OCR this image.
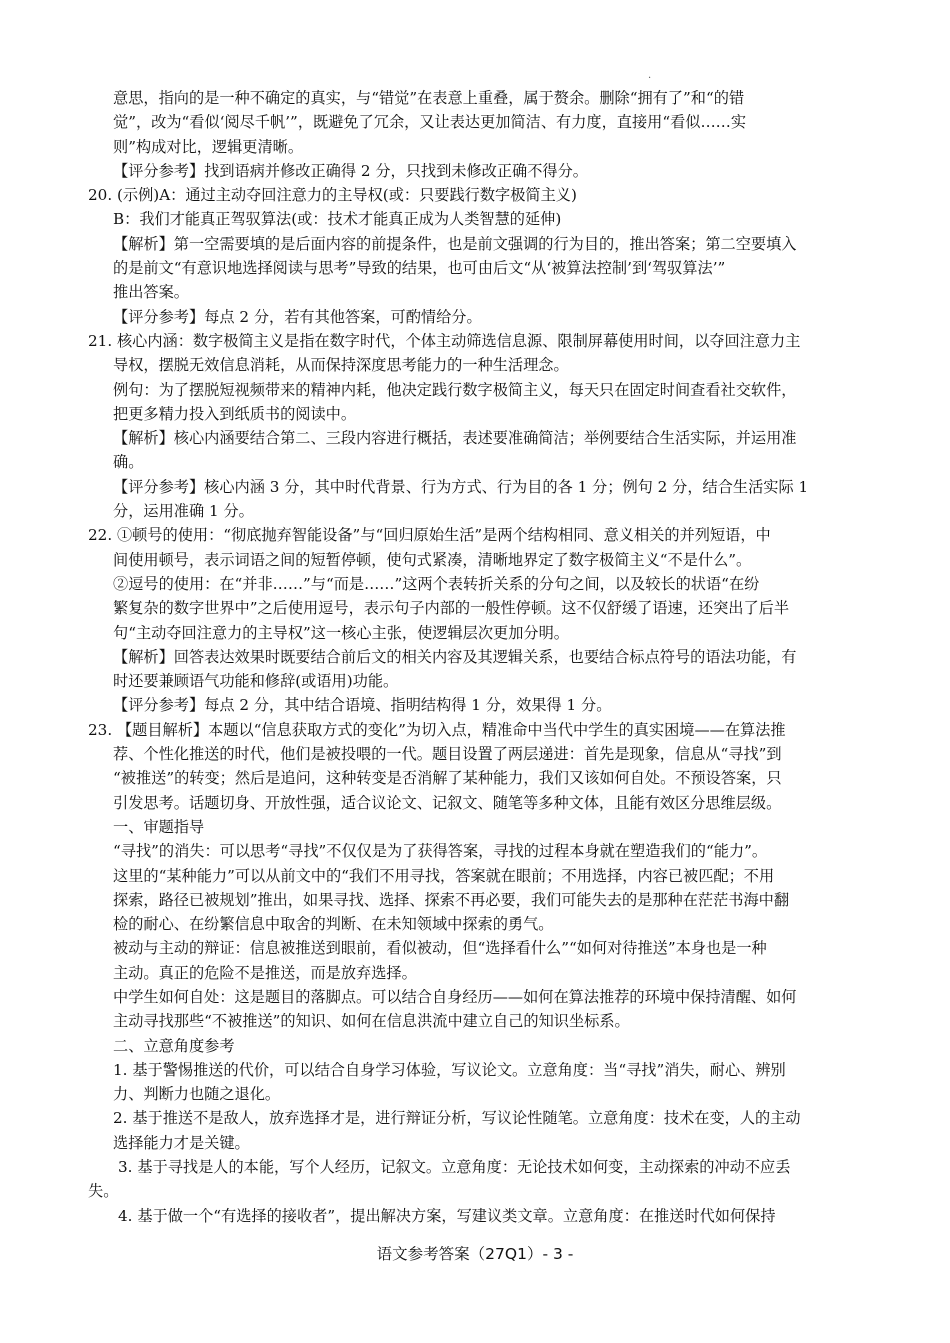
.
意思，指向的是一种不确定的真实，与“错觉”在表意上重叠，属于赘余。删除“拥有了”和“的错
觉”，改为“看似‘阅尽千帆’”，既避免了冗余，又让表达更加简洁、有力度，直接用“看似……实
则”构成对比，逻辑更清晰。
【评分参考】找到语病并修改正确得 2 分，只找到未修改正确不得分。
20. (示例)A：通过主动夺回注意力的主导权(或：只要践行数字极简主义)
B：我们才能真正驾驭算法(或：技术才能真正成为人类智慧的延伸)
【解析】第一空需要填的是后面内容的前提条件，也是前文强调的行为目的，推出答案；第二空要填入
的是前文“有意识地选择阅读与思考”导致的结果，也可由后文“从‘被算法控制’到‘驾驭算法’”
推出答案。
【评分参考】每点 2 分，若有其他答案，可酌情给分。
21. 核心内涵：数字极简主义是指在数字时代，个体主动筛选信息源、限制屏幕使用时间，以夺回注意力主
导权，摆脱无效信息消耗，从而保持深度思考能力的一种生活理念。
例句：为了摆脱短视频带来的精神内耗，他决定践行数字极简主义，每天只在固定时间查看社交软件，
把更多精力投入到纸质书的阅读中。
【解析】核心内涵要结合第二、三段内容进行概括，表述要准确简洁；举例要结合生活实际，并运用准
确。
【评分参考】核心内涵 3 分，其中时代背景、行为方式、行为目的各 1 分；例句 2 分，结合生活实际 1
分，运用准确 1 分。
22. ①顿号的使用：“彻底抛弃智能设备”与“回归原始生活”是两个结构相同、意义相关的并列短语，中
间使用顿号，表示词语之间的短暂停顿，使句式紧凑，清晰地界定了数字极简主义“不是什么”。
②逗号的使用：在“并非……”与“而是……”这两个表转折关系的分句之间，以及较长的状语“在纷
繁复杂的数字世界中”之后使用逗号，表示句子内部的一般性停顿。这不仅舒缓了语速，还突出了后半
句“主动夺回注意力的主导权”这一核心主张，使逻辑层次更加分明。
【解析】回答表达效果时既要结合前后文的相关内容及其逻辑关系，也要结合标点符号的语法功能，有
时还要兼顾语气功能和修辞(或语用)功能。
【评分参考】每点 2 分，其中结合语境、指明结构得 1 分，效果得 1 分。
23. 【题目解析】本题以“信息获取方式的变化”为切入点，精准命中当代中学生的真实困境——在算法推
荐、个性化推送的时代，他们是被投喂的一代。题目设置了两层递进：首先是现象，信息从“寻找”到
“被推送”的转变；然后是追问，这种转变是否消解了某种能力，我们又该如何自处。不预设答案，只
引发思考。话题切身、开放性强，适合议论文、记叙文、随笔等多种文体，且能有效区分思维层级。
一、审题指导
“寻找”的消失：可以思考“寻找”不仅仅是为了获得答案，寻找的过程本身就在塑造我们的“能力”。
这里的“某种能力”可以从前文中的“我们不用寻找，答案就在眼前；不用选择，内容已被匹配；不用
探索，路径已被规划”推出，如果寻找、选择、探索不再必要，我们可能失去的是那种在茫茫书海中翻
检的耐心、在纷繁信息中取舍的判断、在未知领域中探索的勇气。
被动与主动的辩证：信息被推送到眼前，看似被动，但“选择看什么”“如何对待推送”本身也是一种
主动。真正的危险不是推送，而是放弃选择。
中学生如何自处：这是题目的落脚点。可以结合自身经历——如何在算法推荐的环境中保持清醒、如何
主动寻找那些“不被推送”的知识、如何在信息洪流中建立自己的知识坐标系。
二、立意角度参考
1. 基于警惕推送的代价，可以结合自身学习体验，写议论文。立意角度：当“寻找”消失，耐心、辨别
力、判断力也随之退化。
2. 基于推送不是敌人，放弃选择才是，进行辩证分析，写议论性随笔。立意角度：技术在变，人的主动
选择能力才是关键。
3. 基于寻找是人的本能，写个人经历，记叙文。立意角度：无论技术如何变，主动探索的冲动不应丢
失。
4. 基于做一个“有选择的接收者”，提出解决方案，写建议类文章。立意角度：在推送时代如何保持
语文参考答案（27Q1）- 3 -
